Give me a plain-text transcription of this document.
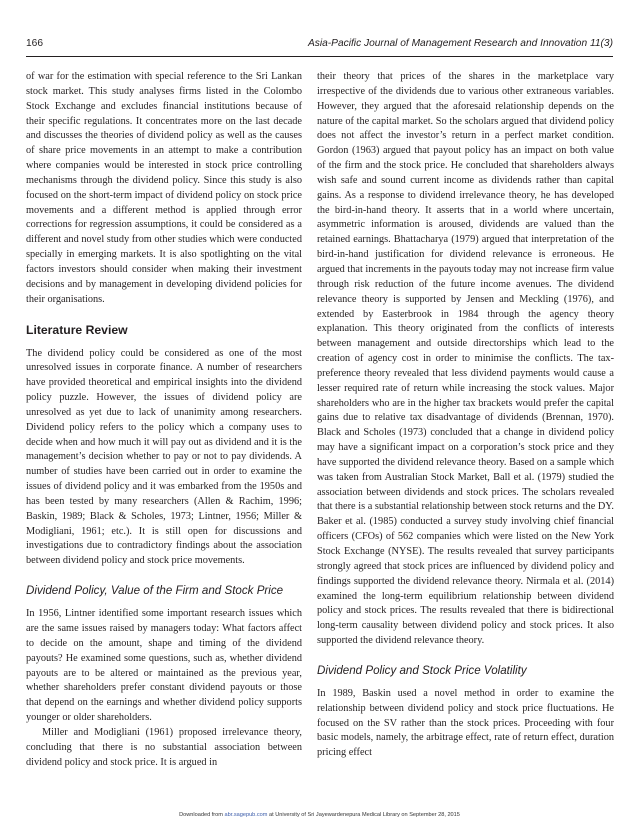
166	Asia-Pacific Journal of Management Research and Innovation 11(3)

of war for the estimation with special reference to the Sri Lankan stock market. This study analyses firms listed in the Colombo Stock Exchange and excludes financial institutions because of their specific regulations. It concentrates more on the last decade and discusses the theories of dividend policy as well as the causes of share price movements in an attempt to make a contribution where companies would be interested in stock price controlling mechanisms through the dividend policy. Since this study is also focused on the short-term impact of dividend policy on stock price movements and a different method is applied through error corrections for regression assumptions, it could be considered as a different and novel study from other studies which were conducted specially in emerging markets. It is also spotlighting on the vital factors investors should consider when making their investment decisions and by management in developing dividend policies for their organisations.

Literature Review

The dividend policy could be considered as one of the most unresolved issues in corporate finance. A number of researchers have provided theoretical and empirical insights into the dividend policy puzzle. However, the issues of dividend policy are unresolved as yet due to lack of unanimity among researchers. Dividend policy refers to the policy which a company uses to decide when and how much it will pay out as dividend and it is the management’s decision whether to pay or not to pay dividends. A number of studies have been carried out in order to examine the issues of dividend policy and it was embarked from the 1950s and has been tested by many researchers (Allen & Rachim, 1996; Baskin, 1989; Black & Scholes, 1973; Lintner, 1956; Miller & Modigliani, 1961; etc.). It is still open for discussions and investigations due to contradictory findings about the association between dividend policy and stock price movements.

Dividend Policy, Value of the Firm and Stock Price

In 1956, Lintner identified some important research issues which are the same issues raised by managers today: What factors affect to decide on the amount, shape and timing of the dividend payouts? He examined some questions, such as, whether dividend payouts are to be altered or maintained as the previous year, whether shareholders prefer constant dividend payouts or those that depend on the earnings and whether dividend policy supports younger or older shareholders.

Miller and Modigliani (1961) proposed irrelevance theory, concluding that there is no substantial association between dividend policy and stock price. It is argued in

their theory that prices of the shares in the marketplace vary irrespective of the dividends due to various other extraneous variables. However, they argued that the aforesaid relationship depends on the nature of the capital market. So the scholars argued that dividend policy does not affect the investor’s return in a perfect market condition. Gordon (1963) argued that payout policy has an impact on both value of the firm and the stock price. He concluded that shareholders always wish safe and sound current income as dividends rather than capital gains. As a response to dividend irrelevance theory, he has developed the bird-in-hand theory. It asserts that in a world where uncertain, asymmetric information is aroused, dividends are valued than the retained earnings. Bhattacharya (1979) argued that interpretation of the bird-in-hand justification for dividend relevance is erroneous. He argued that increments in the payouts today may not increase firm value through risk reduction of the future income avenues. The dividend relevance theory is supported by Jensen and Meckling (1976), and extended by Easterbrook in 1984 through the agency theory explanation. This theory originated from the conflicts of interests between management and outside directorships which lead to the creation of agency cost in order to minimise the conflicts. The tax-preference theory revealed that less dividend payments would cause a lesser required rate of return while increasing the stock values. Major shareholders who are in the higher tax brackets would prefer the capital gains due to relative tax disadvantage of dividends (Brennan, 1970). Black and Scholes (1973) concluded that a change in dividend policy may have a significant impact on a corporation’s stock price and they have supported the dividend relevance theory. Based on a sample which was taken from Australian Stock Market, Ball et al. (1979) studied the association between dividends and stock prices. The scholars revealed that there is a substantial relationship between stock returns and the DY. Baker et al. (1985) conducted a survey study involving chief financial officers (CFOs) of 562 companies which were listed on the New York Stock Exchange (NYSE). The results revealed that survey participants strongly agreed that stock prices are influenced by dividend policy and findings supported the dividend relevance theory. Nirmala et al. (2014) examined the long-term equilibrium relationship between dividend policy and stock prices. The results revealed that there is bidirectional long-term causality between dividend policy and stock prices. It also supported the dividend relevance theory.

Dividend Policy and Stock Price Volatility

In 1989, Baskin used a novel method in order to examine the relationship between dividend policy and stock price fluctuations. He focused on the SV rather than the stock prices. Proceeding with four basic models, namely, the arbitrage effect, rate of return effect, duration pricing effect

Downloaded from abr.sagepub.com at University of Sri Jayewardenepura Medical Library on September 28, 2015
